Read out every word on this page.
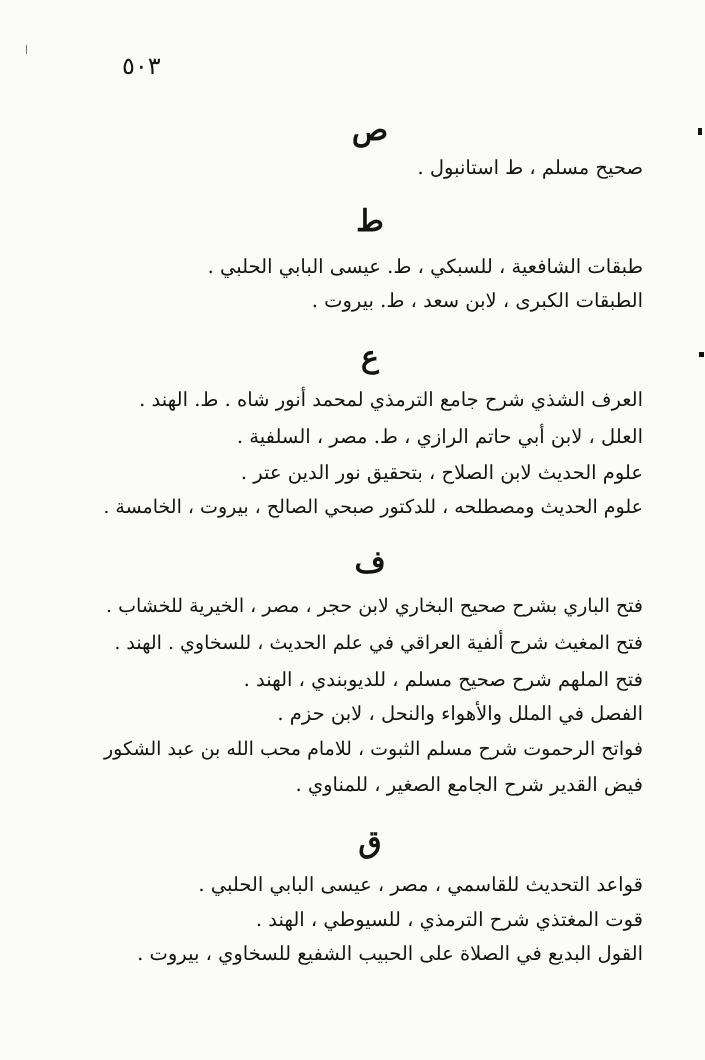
٥٠٣
ص
صحيح مسلم ، ط استانبول .
ط
طبقات الشافعية ، للسبكي ، ط. عيسى البابي الحلبي .
الطبقات الكبرى ، لابن سعد ، ط. بيروت .
ع
العرف الشذي شرح جامع الترمذي لمحمد أنور شاه . ط. الهند .
العلل ، لابن أبي حاتم الرازي ، ط. مصر ، السلفية .
علوم الحديث لابن الصلاح ، بتحقيق نور الدين عتر .
علوم الحديث ومصطلحه ، للدكتور صبحي الصالح ، بيروت ، الخامسة .
ف
فتح الباري بشرح صحيح البخاري لابن حجر ، مصر ، الخيرية للخشاب .
فتح المغيث شرح ألفية العراقي في علم الحديث ، للسخاوي . الهند .
فتح الملهم شرح صحيح مسلم ، للديوبندي ، الهند .
الفصل في الملل والأهواء والنحل ، لابن حزم .
فواتح الرحموت شرح مسلم الثبوت ، للامام محب الله بن عبد الشكور
فيض القدير شرح الجامع الصغير ، للمناوي .
ق
قواعد التحديث للقاسمي ، مصر ، عيسى البابي الحلبي .
قوت المغتذي شرح الترمذي ، للسيوطي ، الهند .
القول البديع في الصلاة على الحبيب الشفيع للسخاوي ، بيروت .
